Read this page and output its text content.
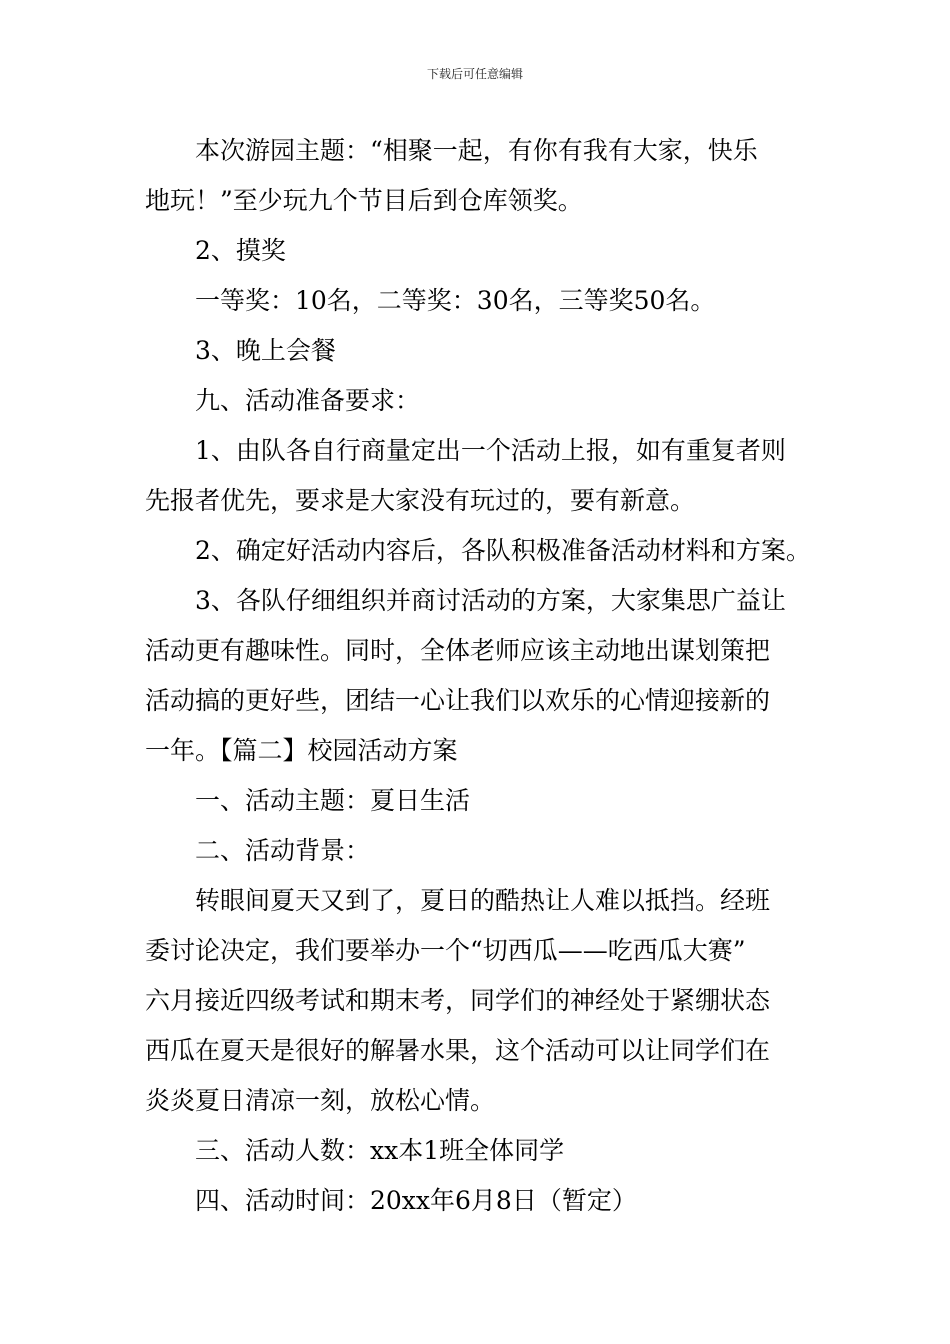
下载后可任意编辑
本次游园主题：“相聚一起，有你有我有大家，快乐
地玩！”至少玩九个节目后到仓库领奖。
2、摸奖
一等奖：10名，二等奖：30名，三等奖50名。
3、晚上会餐
九、活动准备要求：
1、由队各自行商量定出一个活动上报，如有重复者则
先报者优先，要求是大家没有玩过的，要有新意。
2、确定好活动内容后，各队积极准备活动材料和方案。
3、各队仔细组织并商讨活动的方案，大家集思广益让
活动更有趣味性。同时，全体老师应该主动地出谋划策把
活动搞的更好些，团结一心让我们以欢乐的心情迎接新的
一年。【篇二】校园活动方案
一、活动主题：夏日生活
二、活动背景：
转眼间夏天又到了，夏日的酷热让人难以抵挡。经班
委讨论决定，我们要举办一个“切西瓜——吃西瓜大赛”
六月接近四级考试和期末考，同学们的神经处于紧绷状态
西瓜在夏天是很好的解暑水果，这个活动可以让同学们在
炎炎夏日清凉一刻，放松心情。
三、活动人数：xx本1班全体同学
四、活动时间：20xx年6月8日（暂定）
